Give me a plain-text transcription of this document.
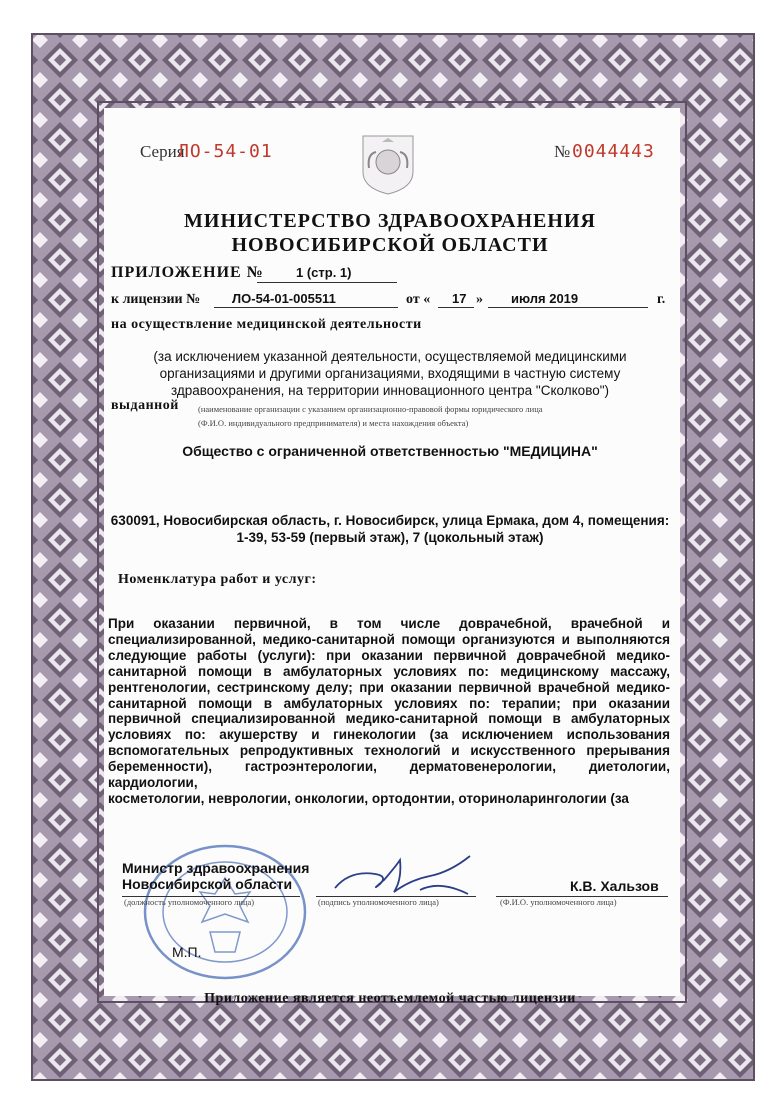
Серия
ЛО-54-01	№ 0044443
МИНИСТЕРСТВО ЗДРАВООХРАНЕНИЯ
НОВОСИБИРСКОЙ ОБЛАСТИ
ПРИЛОЖЕНИЕ № 1 (стр. 1)
к лицензии № ЛО-54-01-005511	от « 17 » июля 2019	г.
на осуществление медицинской деятельности
(за исключением указанной деятельности, осуществляемой медицинскими
организациями и другими организациями, входящими в частную систему
здравоохранения, на территории инновационного центра "Сколково")
выданной (наименование организации с указанием организационно-правовой формы юридического лица
(Ф.И.О. индивидуального предпринимателя) и места нахождения объекта)
Общество с ограниченной ответственностью "МЕДИЦИНА"
630091, Новосибирская область, г. Новосибирск, улица Ермака, дом 4, помещения:
1-39, 53-59 (первый этаж), 7 (цокольный этаж)
Номенклатура работ и услуг:
При оказании первичной, в том числе доврачебной, врачебной и
специализированной, медико-санитарной помощи организуются и выполняются
следующие работы (услуги): при оказании первичной доврачебной медико-
санитарной помощи в амбулаторных условиях по: медицинскому массажу,
рентгенологии, сестринскому делу; при оказании первичной врачебной медико-
санитарной помощи в амбулаторных условиях по: терапии; при оказании
первичной специализированной медико-санитарной помощи в амбулаторных
условиях по: акушерству и гинекологии (за исключением использования
вспомогательных репродуктивных технологий и искусственного прерывания
беременности), гастроэнтерологии, дерматовенерологии, диетологии, кардиологии,
косметологии, неврологии, онкологии, ортодонтии, оториноларингологии (за
Министр здравоохранения
Новосибирской области
(должность уполномоченного лица)	(подпись уполномоченного лица)
К.В. Хальзов
(Ф.И.О. уполномоченного лица)
М.П.
Приложение является неотъемлемой частью лицензии
